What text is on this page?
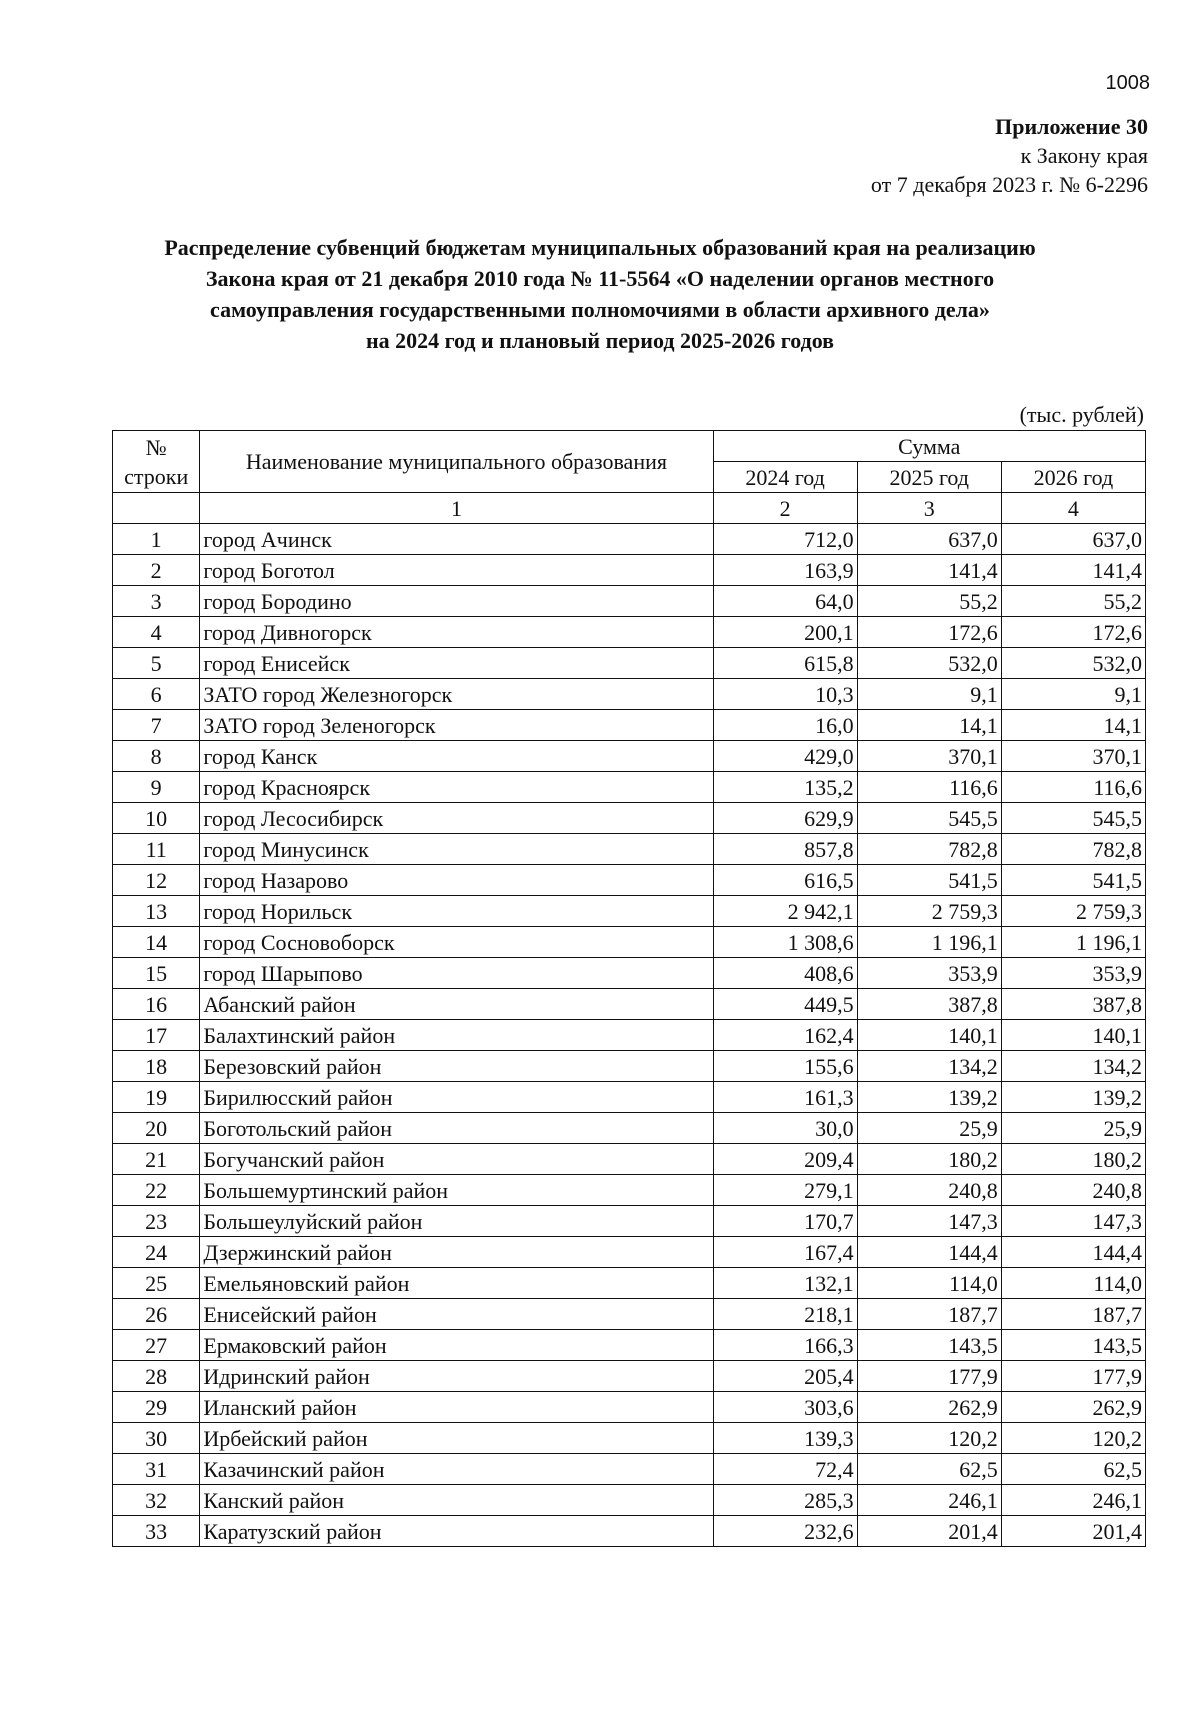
1008
Приложение 30
к Закону края
от 7 декабря 2023 г. № 6-2296
Распределение субвенций бюджетам муниципальных образований края на реализацию
Закона края от 21 декабря 2010 года № 11-5564 «О наделении органов местного
самоуправления государственными полномочиями в области архивного дела»
на 2024 год и плановый период 2025-2026 годов
(тыс. рублей)
№
строки	Наименование муниципального образования	Сумма		
		2024 год	2025 год	2026 год
	1	2	3	4
1	город Ачинск	712,0	637,0	637,0
2	город Боготол	163,9	141,4	141,4
3	город Бородино	64,0	55,2	55,2
4	город Дивногорск	200,1	172,6	172,6
5	город Енисейск	615,8	532,0	532,0
6	ЗАТО город Железногорск	10,3	9,1	9,1
7	ЗАТО город Зеленогорск	16,0	14,1	14,1
8	город Канск	429,0	370,1	370,1
9	город Красноярск	135,2	116,6	116,6
10	город Лесосибирск	629,9	545,5	545,5
11	город Минусинск	857,8	782,8	782,8
12	город Назарово	616,5	541,5	541,5
13	город Норильск	2 942,1	2 759,3	2 759,3
14	город Сосновоборск	1 308,6	1 196,1	1 196,1
15	город Шарыпово	408,6	353,9	353,9
16	Абанский район	449,5	387,8	387,8
17	Балахтинский район	162,4	140,1	140,1
18	Березовский район	155,6	134,2	134,2
19	Бирилюсский район	161,3	139,2	139,2
20	Боготольский район	30,0	25,9	25,9
21	Богучанский район	209,4	180,2	180,2
22	Большемуртинский район	279,1	240,8	240,8
23	Большеулуйский район	170,7	147,3	147,3
24	Дзержинский район	167,4	144,4	144,4
25	Емельяновский район	132,1	114,0	114,0
26	Енисейский район	218,1	187,7	187,7
27	Ермаковский район	166,3	143,5	143,5
28	Идринский район	205,4	177,9	177,9
29	Иланский район	303,6	262,9	262,9
30	Ирбейский район	139,3	120,2	120,2
31	Казачинский район	72,4	62,5	62,5
32	Канский район	285,3	246,1	246,1
33	Каратузский район	232,6	201,4	201,4
